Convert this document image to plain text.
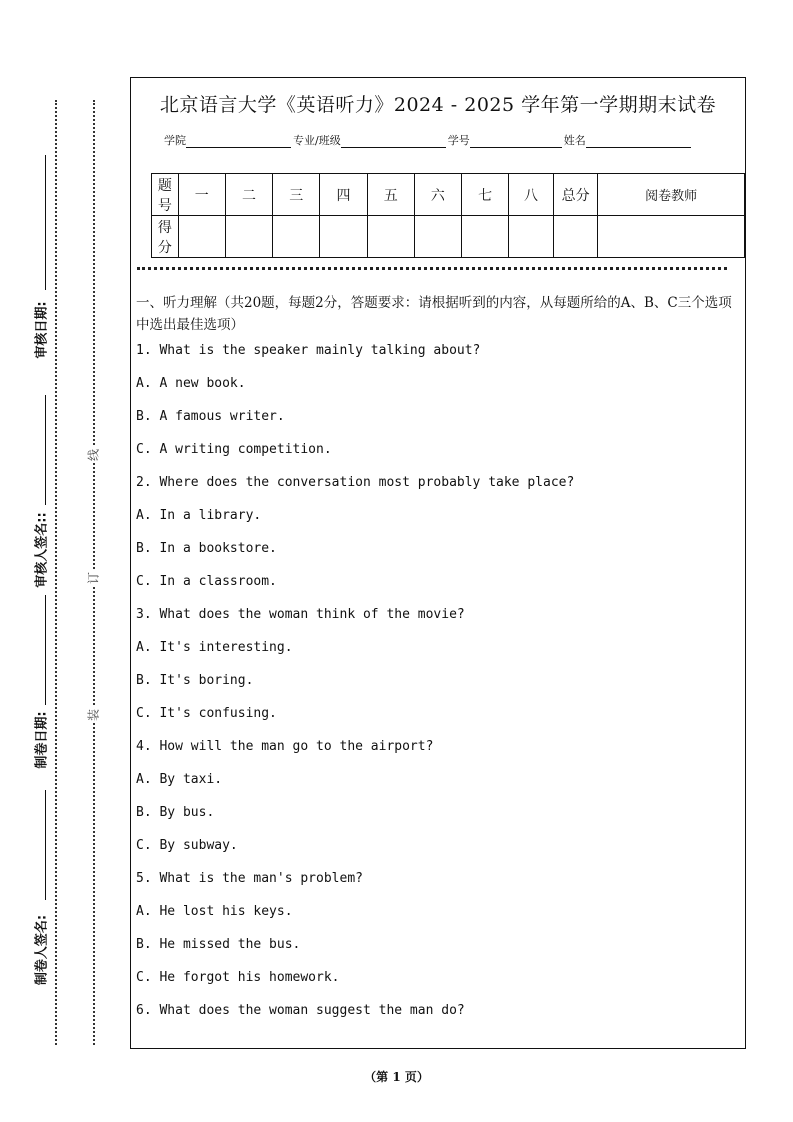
审核日期:
审核人签名::
制卷日期:
制卷人签名:
线
订
装
北京语言大学《英语听力》2024 - 2025 学年第一学期期末试卷
学院	专业/班级	学号	姓名
题号	一	二	三	四	五	六	七	八	总分	阅卷教师
得分										
一、听力理解（共20题，每题2分，答题要求：请根据听到的内容，从每题所给的A、B、C三个选项中选出最佳选项）
1. What is the speaker mainly talking about?
A. A new book.
B. A famous writer.
C. A writing competition.
2. Where does the conversation most probably take place?
A. In a library.
B. In a bookstore.
C. In a classroom.
3. What does the woman think of the movie?
A. It's interesting.
B. It's boring.
C. It's confusing.
4. How will the man go to the airport?
A. By taxi.
B. By bus.
C. By subway.
5. What is the man's problem?
A. He lost his keys.
B. He missed the bus.
C. He forgot his homework.
6. What does the woman suggest the man do?
（第 1 页）
